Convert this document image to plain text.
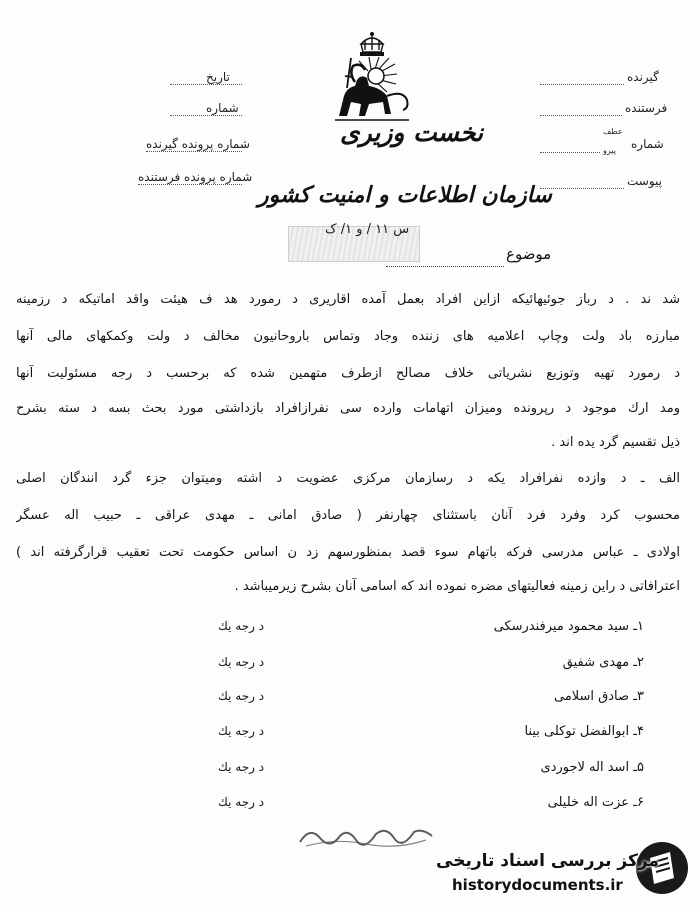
گیرنده
فرستنده
شماره
عطف
پیرو
پیوست
تاریخ
شماره
شماره پرونده گیرنده
شماره پرونده فرستنده
نخست وزیری
سازمان اطلاعات و امنیت کشور
س ۱۱ / و ۱/ ک
موضوع
شد ند . د رباز جوئیهائیکه ازاین افراد بعمل آمده اقاریری د رمورد هد ف هیئت واقد اماتیکه د رزمینه
مبارزه باد ولت وچاپ اعلامیه های زننده وجاد وتماس باروحانیون مخالف د ولت وکمکهای مالی آنها
د رمورد تهیه وتوزیع نشریاتی خلاف مصالح ازطرف متهمین شده که برحسب د رجه مسئولیت آنها
ومد ارك موجود د رپرونده ومیزان اتهامات وارده سی نفرازافراد بازداشتی مورد بحث بسه د سته بشرح
ذیل تقسیم گرد یده اند .
الف ـ د وازده نفرافراد یکه د رسازمان مرکزی عضویت د اشته ومیتوان جزء گرد انندگان اصلی
محسوب کرد وفرد فرد آنان باستثنای چهارنفر ( صادق امانی ـ مهدی عراقی ـ حبیب اله عسگر
اولادی ـ عباس مدرسی فرکه باتهام سوء قصد بمنظورسهم زد ن اساس حکومت تحت تعقیب قرارگرفته اند )
اعترافاتی د راین زمینه فعالیتهای مضره نموده اند که اسامی آنان بشرح زیرمیباشد .
۱ـ سید محمود میرفندرسکی
د رجه یك
۲ـ مهدی شفیق
د رجه یك
۳ـ صادق اسلامی
د رجه یك
۴ـ ابوالفضل توکلی بینا
د رجه یك
۵ـ اسد اله لاجوردی
د رجه یك
۶ـ عزت اله خلیلی
د رجه یك
مرکز بررسی اسناد تاریخی
historydocuments.ir
